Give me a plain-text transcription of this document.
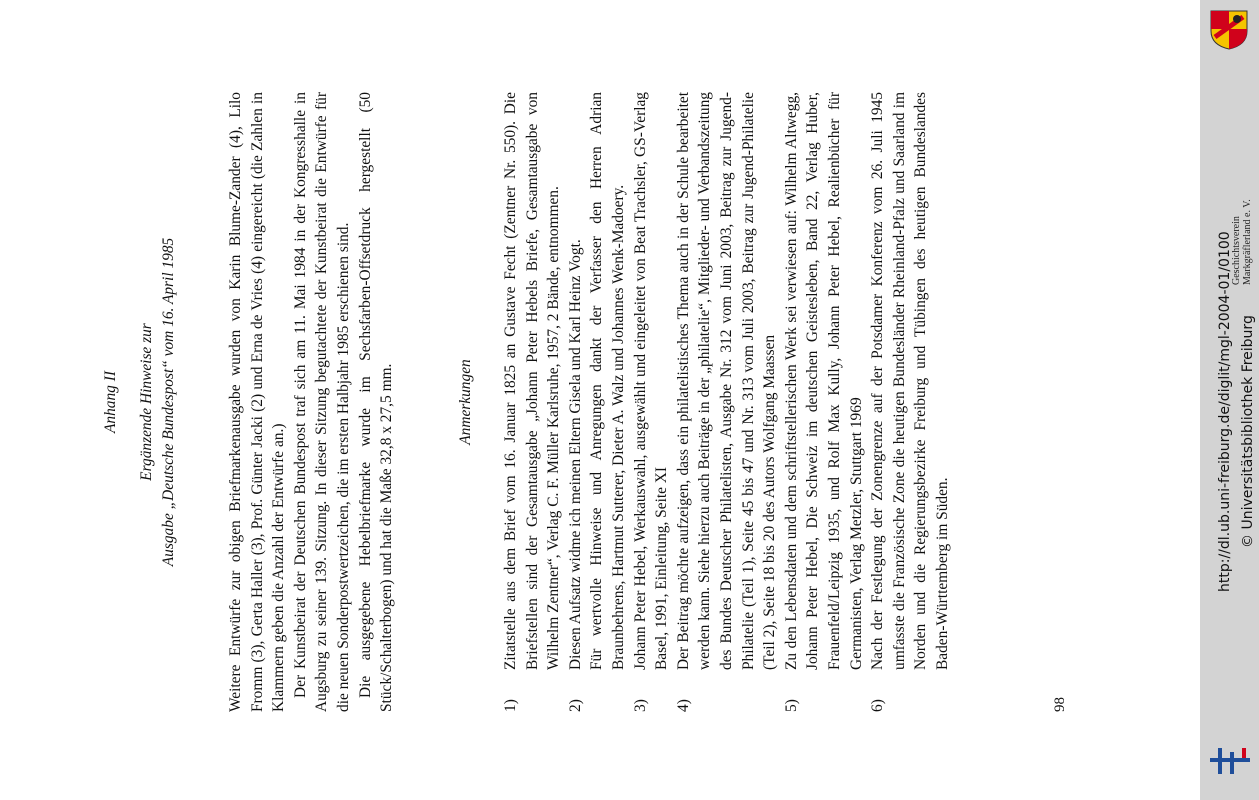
Anhang II Ergänzende Hinweise zur Ausgabe „Deutsche Bundespost“ vom 16. April 1985	Weitere Entwürfe zur obigen Briefmarkenausgabe wurden von Karin Blume-Zander (4), Lilo Fromm (3), Gerta Haller (3), Prof. Günter Jacki (2) und Erna de Vries (4) eingereicht (die Zahlen in Klammern geben die Anzahl der Entwürfe an.) Der Kunstbeirat der Deutschen Bundespost traf sich am 11. Mai 1984 in der Kongresshalle in Augsburg zu seiner 139. Sitzung. In dieser Sitzung begutachtete der Kunstbeirat die Entwürfe für die neuen Sonderpostwertzeichen, die im ersten Halbjahr 1985 erschienen sind. Die ausgegebene Hebelbriefmarke wurde im Sechsfarben-Offsetdruck hergestellt (50 Stück/Schalterbogen) und hat die Maße 32,8 x 27,5 mm.	Anmerkungen
1)

Zitatstelle aus dem Brief vom 16. Januar 1825 an Gustave Fecht (Zentner Nr. 550). Die Briefstellen sind der Gesamtausgabe „Johann Peter Hebels Briefe, Gesamtausgabe von Wilhelm Zentner“, Verlag C. F. Müller Karlsruhe, 1957, 2 Bände, entnommen.

2)

Diesen Aufsatz widme ich meinen Eltern Gisela und Karl Heinz Vogt. Für wertvolle Hinweise und Anregungen dankt der Verfasser den Herren Adrian Braunbehrens, Hartmut Sutterer, Dieter A. Walz und Johannes Wenk-Madoery.

3)

Johann Peter Hebel, Werkauswahl, ausgewählt und eingeleitet von Beat Trachsler, GS-Verlag Basel, 1991, Einleitung, Seite XI

4)

Der Beitrag möchte aufzeigen, dass ein philatelistisches Thema auch in der Schule bearbeitet werden kann. Siehe hierzu auch Beiträge in der „philatelie“, Mitglieder- und Verbandszeitung des Bundes Deutscher Philatelisten, Ausgabe Nr. 312 vom Juni 2003, Beitrag zur Jugend-Philatelie (Teil 1), Seite 45 bis 47 und Nr. 313 vom Juli 2003, Beitrag zur Jugend-Philatelie (Teil 2), Seite 18 bis 20 des Autors Wolfgang Maassen

5)

Zu den Lebensdaten und dem schriftstellerischen Werk sei verwiesen auf: Wilhelm Altwegg, Johann Peter Hebel, Die Schweiz im deutschen Geistesleben, Band 22, Verlag Huber, Frauenfeld/Leipzig 1935, und Rolf Max Kully, Johann Peter Hebel, Realienbücher für Germanisten, Verlag Metzler, Stuttgart 1969

6)

Nach der Festlegung der Zonengrenze auf der Potsdamer Konferenz vom 26. Juli 1945 umfasste die Französische Zone die heutigen Bundesländer Rheinland-Pfalz und Saarland im Norden und die Regierungsbezirke Freiburg und Tübingen des heutigen Bundeslandes Baden-Württemberg im Süden.

98
Geschichtsverein Markgräflerland e. V.
http://dl.ub.uni-freiburg.de/diglit/mgl-2004-01/0100 © Universitätsbibliothek Freiburg
